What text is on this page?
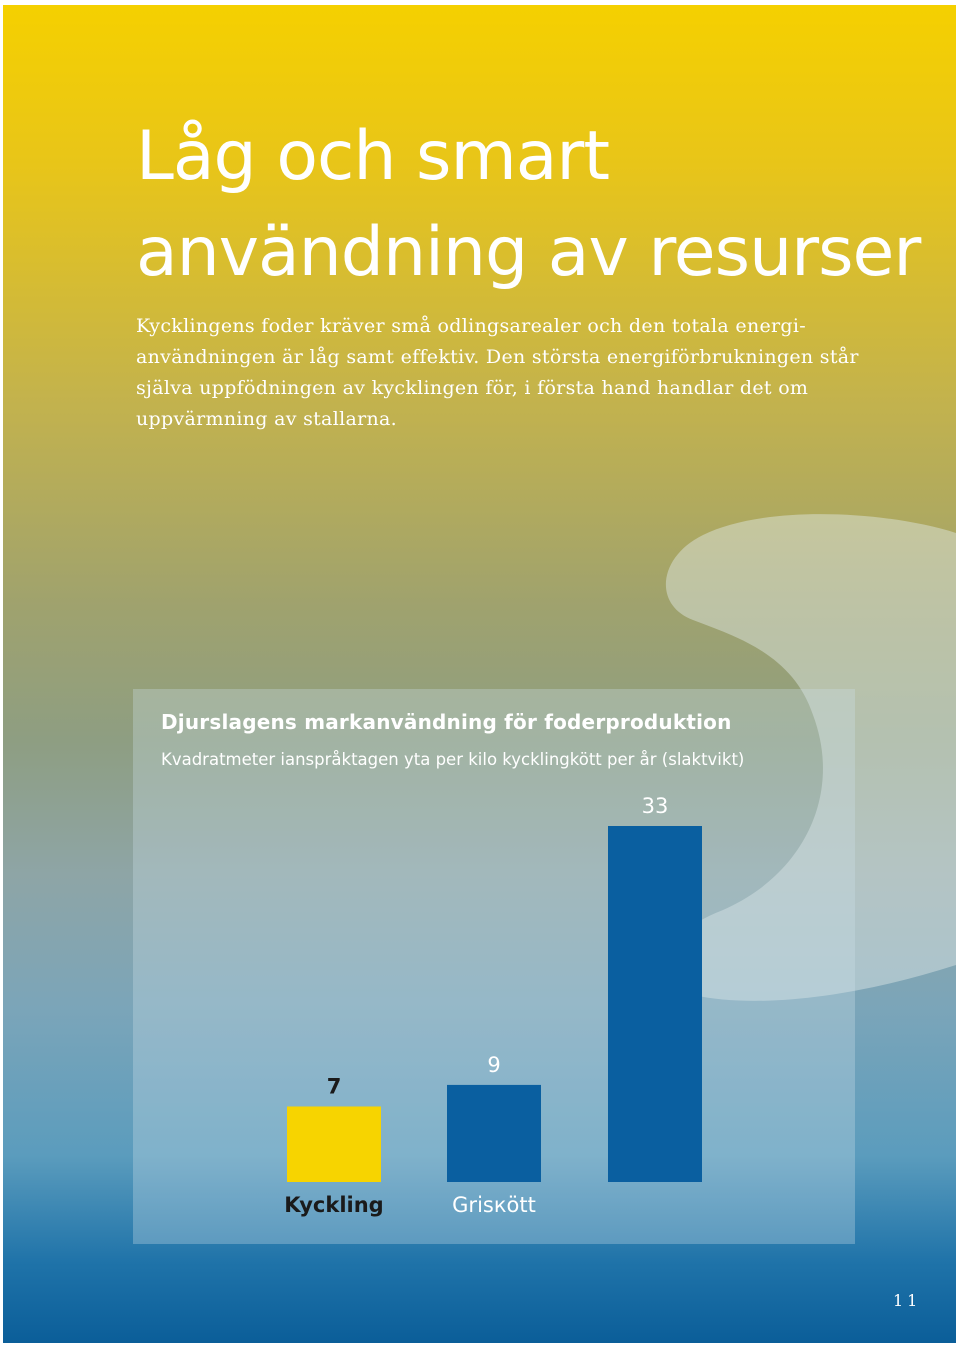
Låg och smart
användning av resurser

Kycklingens foder kräver små odlingsarealer och den totala energi-
användningen är låg samt effektiv. Den största energiförbrukningen står
själva uppfödningen av kycklingen för, i första hand handlar det om
uppvärmning av stallarna.

Djurslagens markanvändning för foderproduktion

Kvadratmeter ianspråktagen yta per kilo kycklingkött per år (slaktvikt)

7
Kyckling
9
Grisкött
33
11
